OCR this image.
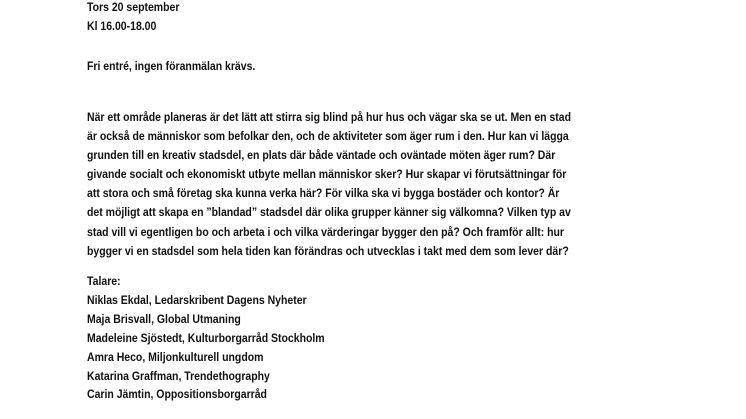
Tors 20 september
Kl 16.00-18.00
Fri entré, ingen föranmälan krävs.
När ett område planeras är det lätt att stirra sig blind på hur hus och vägar ska se ut. Men en stad
är också de människor som befolkar den, och de aktiviteter som äger rum i den. Hur kan vi lägga
grunden till en kreativ stadsdel, en plats där både väntade och oväntade möten äger rum? Där
givande socialt och ekonomiskt utbyte mellan människor sker? Hur skapar vi förutsättningar för
att stora och små företag ska kunna verka här? För vilka ska vi bygga bostäder och kontor? Är
det möjligt att skapa en ”blandad” stadsdel där olika grupper känner sig välkomna? Vilken typ av
stad vill vi egentligen bo och arbeta i och vilka värderingar bygger den på? Och framför allt: hur
bygger vi en stadsdel som hela tiden kan förändras och utvecklas i takt med dem som lever där?
Talare:
Niklas Ekdal, Ledarskribent Dagens Nyheter
Maja Brisvall, Global Utmaning
Madeleine Sjöstedt, Kulturborgarråd Stockholm
Amra Heco, Miljonkulturell ungdom
Katarina Graffman, Trendethography
Carin Jämtin, Oppositionsborgarråd
